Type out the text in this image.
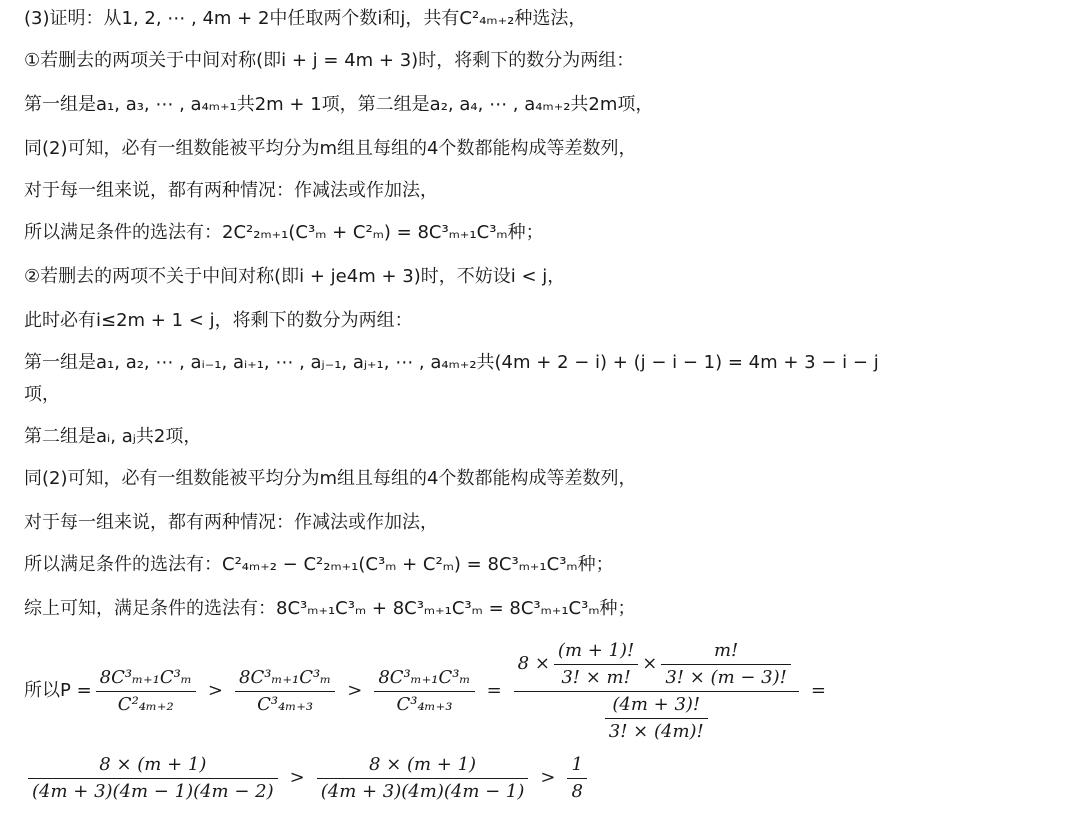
(3)证明：从1, 2, ⋯ , 4m + 2中任取两个数i和j，共有C²₄ₘ₊₂种选法，
①若删去的两项关于中间对称(即i + j = 4m + 3)时，将剩下的数分为两组：
第一组是a₁, a₃, ⋯ , a₄ₘ₊₁共2m + 1项，第二组是a₂, a₄, ⋯ , a₄ₘ₊₂共2m项，
同(2)可知，必有一组数能被平均分为m组且每组的4个数都能构成等差数列，
对于每一组来说，都有两种情况：作减法或作加法，
所以满足条件的选法有：2C²₂ₘ₊₁(C³ₘ + C²ₘ) = 8C³ₘ₊₁C³ₘ种；
②若删去的两项不关于中间对称(即i + je4m + 3)时，不妨设i < j，
此时必有i≤2m + 1 < j，将剩下的数分为两组：
第一组是a₁, a₂, ⋯ , aᵢ₋₁, aᵢ₊₁, ⋯ , aⱼ₋₁, aⱼ₊₁, ⋯ , a₄ₘ₊₂共(4m + 2 − i) + (j − i − 1) = 4m + 3 − i − j
项，
第二组是aᵢ, aⱼ共2项，
同(2)可知，必有一组数能被平均分为m组且每组的4个数都能构成等差数列，
对于每一组来说，都有两种情况：作减法或作加法，
所以满足条件的选法有：C²₄ₘ₊₂ − C²₂ₘ₊₁(C³ₘ + C²ₘ) = 8C³ₘ₊₁C³ₘ种；
综上可知，满足条件的选法有：8C³ₘ₊₁C³ₘ + 8C³ₘ₊₁C³ₘ = 8C³ₘ₊₁C³ₘ种；
所以$P = \frac{\text{8C³ₘ₊₁C³ₘ}}{\text{C²₄ₘ₊₂}} > \frac{\text{8C³ₘ₊₁C³ₘ}}{\text{C³₄ₘ₊₃}} > \frac{\text{8C³ₘ₊₁C³ₘ}}{\text{C³₄ₘ₊₃}}$ =
$8 \times \frac{(m + 1)!}{3! \times m!} \times \frac{m!}{3! \times (m - 3)!}$
$\frac{(4m + 3)!}{3! \times (4m)!}$
=
$\frac{8 \times (m + 1)}{(4m + 3)(4m - 1)(4m - 2)} > \frac{8 \times (m + 1)}{(4m + 3)(4m)(4m - 1)} > \frac{1}{8}$
